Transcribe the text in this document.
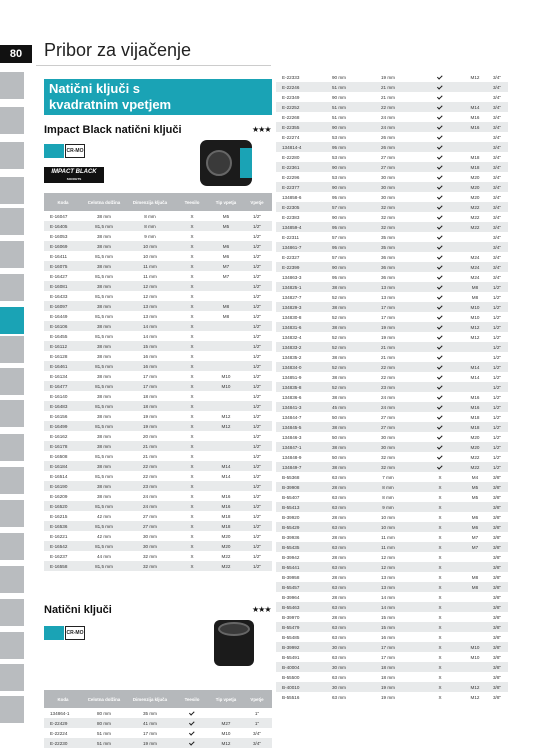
80	Pribor za vijačenje
Natični ključi s
kvadratnim vpetjem
Impact Black natični ključi	★★★
CR-MO
IMPACT BLACK
SOCKETS
Koda	Celotna dolžina	Dimenzija ključa	Teesilo	Tip vpetja	Vpetje
E-16047	38 mm	8 mm	X	M5	1/2"
E-16405	81,5 mm	8 mm	X	M5	1/2"
E-16053	38 mm	9 mm	X		1/2"
E-16069	38 mm	10 mm	X	M6	1/2"
E-16411	81,5 mm	10 mm	X	M6	1/2"
E-16075	38 mm	11 mm	X	M7	1/2"
E-16427	81,5 mm	11 mm	X	M7	1/2"
E-16081	38 mm	12 mm	X		1/2"
E-16433	81,5 mm	12 mm	X		1/2"
E-16097	38 mm	13 mm	X	M8	1/2"
E-16449	81,5 mm	13 mm	X	M8	1/2"
E-16106	38 mm	14 mm	X		1/2"
E-16455	81,5 mm	14 mm	X		1/2"
E-16112	38 mm	15 mm	X		1/2"
E-16128	38 mm	16 mm	X		1/2"
E-16461	81,5 mm	16 mm	X		1/2"
E-16134	38 mm	17 mm	X	M10	1/2"
E-16477	81,5 mm	17 mm	X	M10	1/2"
E-16140	38 mm	18 mm	X		1/2"
E-16483	81,5 mm	18 mm	X		1/2"
E-16156	38 mm	19 mm	X	M12	1/2"
E-16499	81,5 mm	19 mm	X	M12	1/2"
E-16162	38 mm	20 mm	X		1/2"
E-16178	38 mm	21 mm	X		1/2"
E-16508	81,5 mm	21 mm	X		1/2"
E-16184	38 mm	22 mm	X	M14	1/2"
E-16514	81,5 mm	22 mm	X	M14	1/2"
E-16190	38 mm	23 mm	X		1/2"
E-16209	38 mm	24 mm	X	M16	1/2"
E-16520	81,5 mm	24 mm	X	M16	1/2"
E-16215	42 mm	27 mm	X	M18	1/2"
E-16536	81,5 mm	27 mm	X	M18	1/2"
E-16221	42 mm	30 mm	X	M20	1/2"
E-16542	81,5 mm	30 mm	X	M20	1/2"
E-16237	44 mm	32 mm	X	M22	1/2"
E-16558	81,5 mm	32 mm	X	M22	1/2"
Natični ključi	★★★
CR-MO
Koda	Celotna dolžina	Dimenzija ključa	Teesilo	Tip vpetja	Vpetje
134864-1	80 mm	35 mm			1"
E-22429	80 mm	41 mm		M27	1"
E-22224	51 mm	17 mm		M10	3/4"
E-22230	51 mm	19 mm		M12	3/4"
E-22333	90 mm	19 mm		M12	3/4"
E-22246	51 mm	21 mm			3/4"
E-22349	90 mm	21 mm			3/4"
E-22252	51 mm	22 mm		M14	3/4"
E-22268	51 mm	24 mm		M16	3/4"
E-22355	90 mm	24 mm		M16	3/4"
E-22274	53 mm	26 mm			3/4"
134814-4	95 mm	26 mm			3/4"
E-22280	53 mm	27 mm		M18	3/4"
E-22361	90 mm	27 mm		M18	3/4"
E-22296	53 mm	30 mm		M20	3/4"
E-22377	90 mm	30 mm		M20	3/4"
134858-6	95 mm	30 mm		M20	3/4"
E-22305	57 mm	32 mm		M22	3/4"
E-22383	90 mm	32 mm		M22	3/4"
134859-4	95 mm	32 mm		M22	3/4"
E-22311	57 mm	35 mm			3/4"
134861-7	95 mm	35 mm			3/4"
E-22327	57 mm	36 mm		M24	3/4"
E-22399	90 mm	36 mm		M24	3/4"
134863-3	95 mm	36 mm		M24	3/4"
134825-1	38 mm	13 mm		M8	1/2"
134827-7	52 mm	13 mm		M8	1/2"
134829-3	38 mm	17 mm		M10	1/2"
134830-8	52 mm	17 mm		M10	1/2"
134831-6	38 mm	19 mm		M12	1/2"
134832-4	52 mm	19 mm		M12	1/2"
134833-2	52 mm	21 mm			1/2"
134835-2	38 mm	21 mm			1/2"
134834-0	52 mm	22 mm		M14	1/2"
134851-9	38 mm	22 mm		M14	1/2"
134835-8	52 mm	23 mm			1/2"
134836-6	38 mm	24 mm		M16	1/2"
134841-3	45 mm	24 mm		M16	1/2"
134844-7	50 mm	27 mm		M18	1/2"
134845-5	38 mm	27 mm		M18	1/2"
134846-3	50 mm	30 mm		M20	1/2"
134847-1	38 mm	30 mm		M20	1/2"
134848-9	50 mm	32 mm		M22	1/2"
134849-7	38 mm	32 mm		M22	1/2"
B-55368	63 mm	7 mm	X	M4	3/8"
B-39908	28 mm	8 mm	X	M5	3/8"
B-55407	63 mm	8 mm	X	M5	3/8"
B-55413	63 mm	9 mm	X		3/8"
B-39920	28 mm	10 mm	X	M6	3/8"
B-55429	63 mm	10 mm	X	M6	3/8"
B-39936	28 mm	11 mm	X	M7	3/8"
B-55435	63 mm	11 mm	X	M7	3/8"
B-39942	28 mm	12 mm	X		3/8"
B-55441	63 mm	12 mm	X		3/8"
B-39958	28 mm	13 mm	X	M8	3/8"
B-55457	63 mm	13 mm	X	M8	3/8"
B-39964	28 mm	14 mm	X		3/8"
B-55463	63 mm	14 mm	X		3/8"
B-39970	28 mm	15 mm	X		3/8"
B-55479	63 mm	15 mm	X		3/8"
B-55485	63 mm	16 mm	X		3/8"
B-39992	30 mm	17 mm	X	M10	3/8"
B-55491	63 mm	17 mm	X	M10	3/8"
B-40004	30 mm	18 mm	X		3/8"
B-55500	63 mm	18 mm	X		3/8"
B-40010	30 mm	19 mm	X	M12	3/8"
B-55516	63 mm	19 mm	X	M12	3/8"
